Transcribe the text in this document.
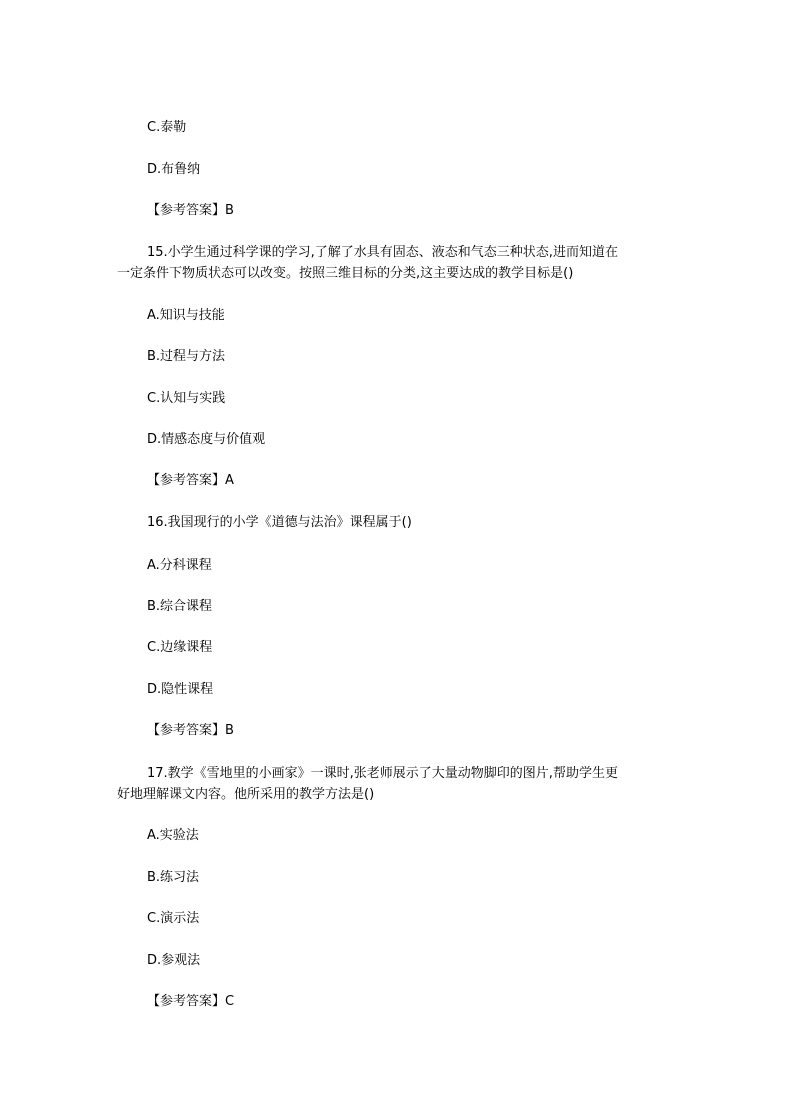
C.泰勒
D.布鲁纳
【参考答案】B
15.小学生通过科学课的学习,了解了水具有固态、液态和气态三种状态,进而知道在
一定条件下物质状态可以改变。按照三维目标的分类,这主要达成的教学目标是()
A.知识与技能
B.过程与方法
C.认知与实践
D.情感态度与价值观
【参考答案】A
16.我国现行的小学《道德与法治》课程属于()
A.分科课程
B.综合课程
C.边缘课程
D.隐性课程
【参考答案】B
17.教学《雪地里的小画家》一课时,张老师展示了大量动物脚印的图片,帮助学生更
好地理解课文内容。他所采用的教学方法是()
A.实验法
B.练习法
C.演示法
D.参观法
【参考答案】C
